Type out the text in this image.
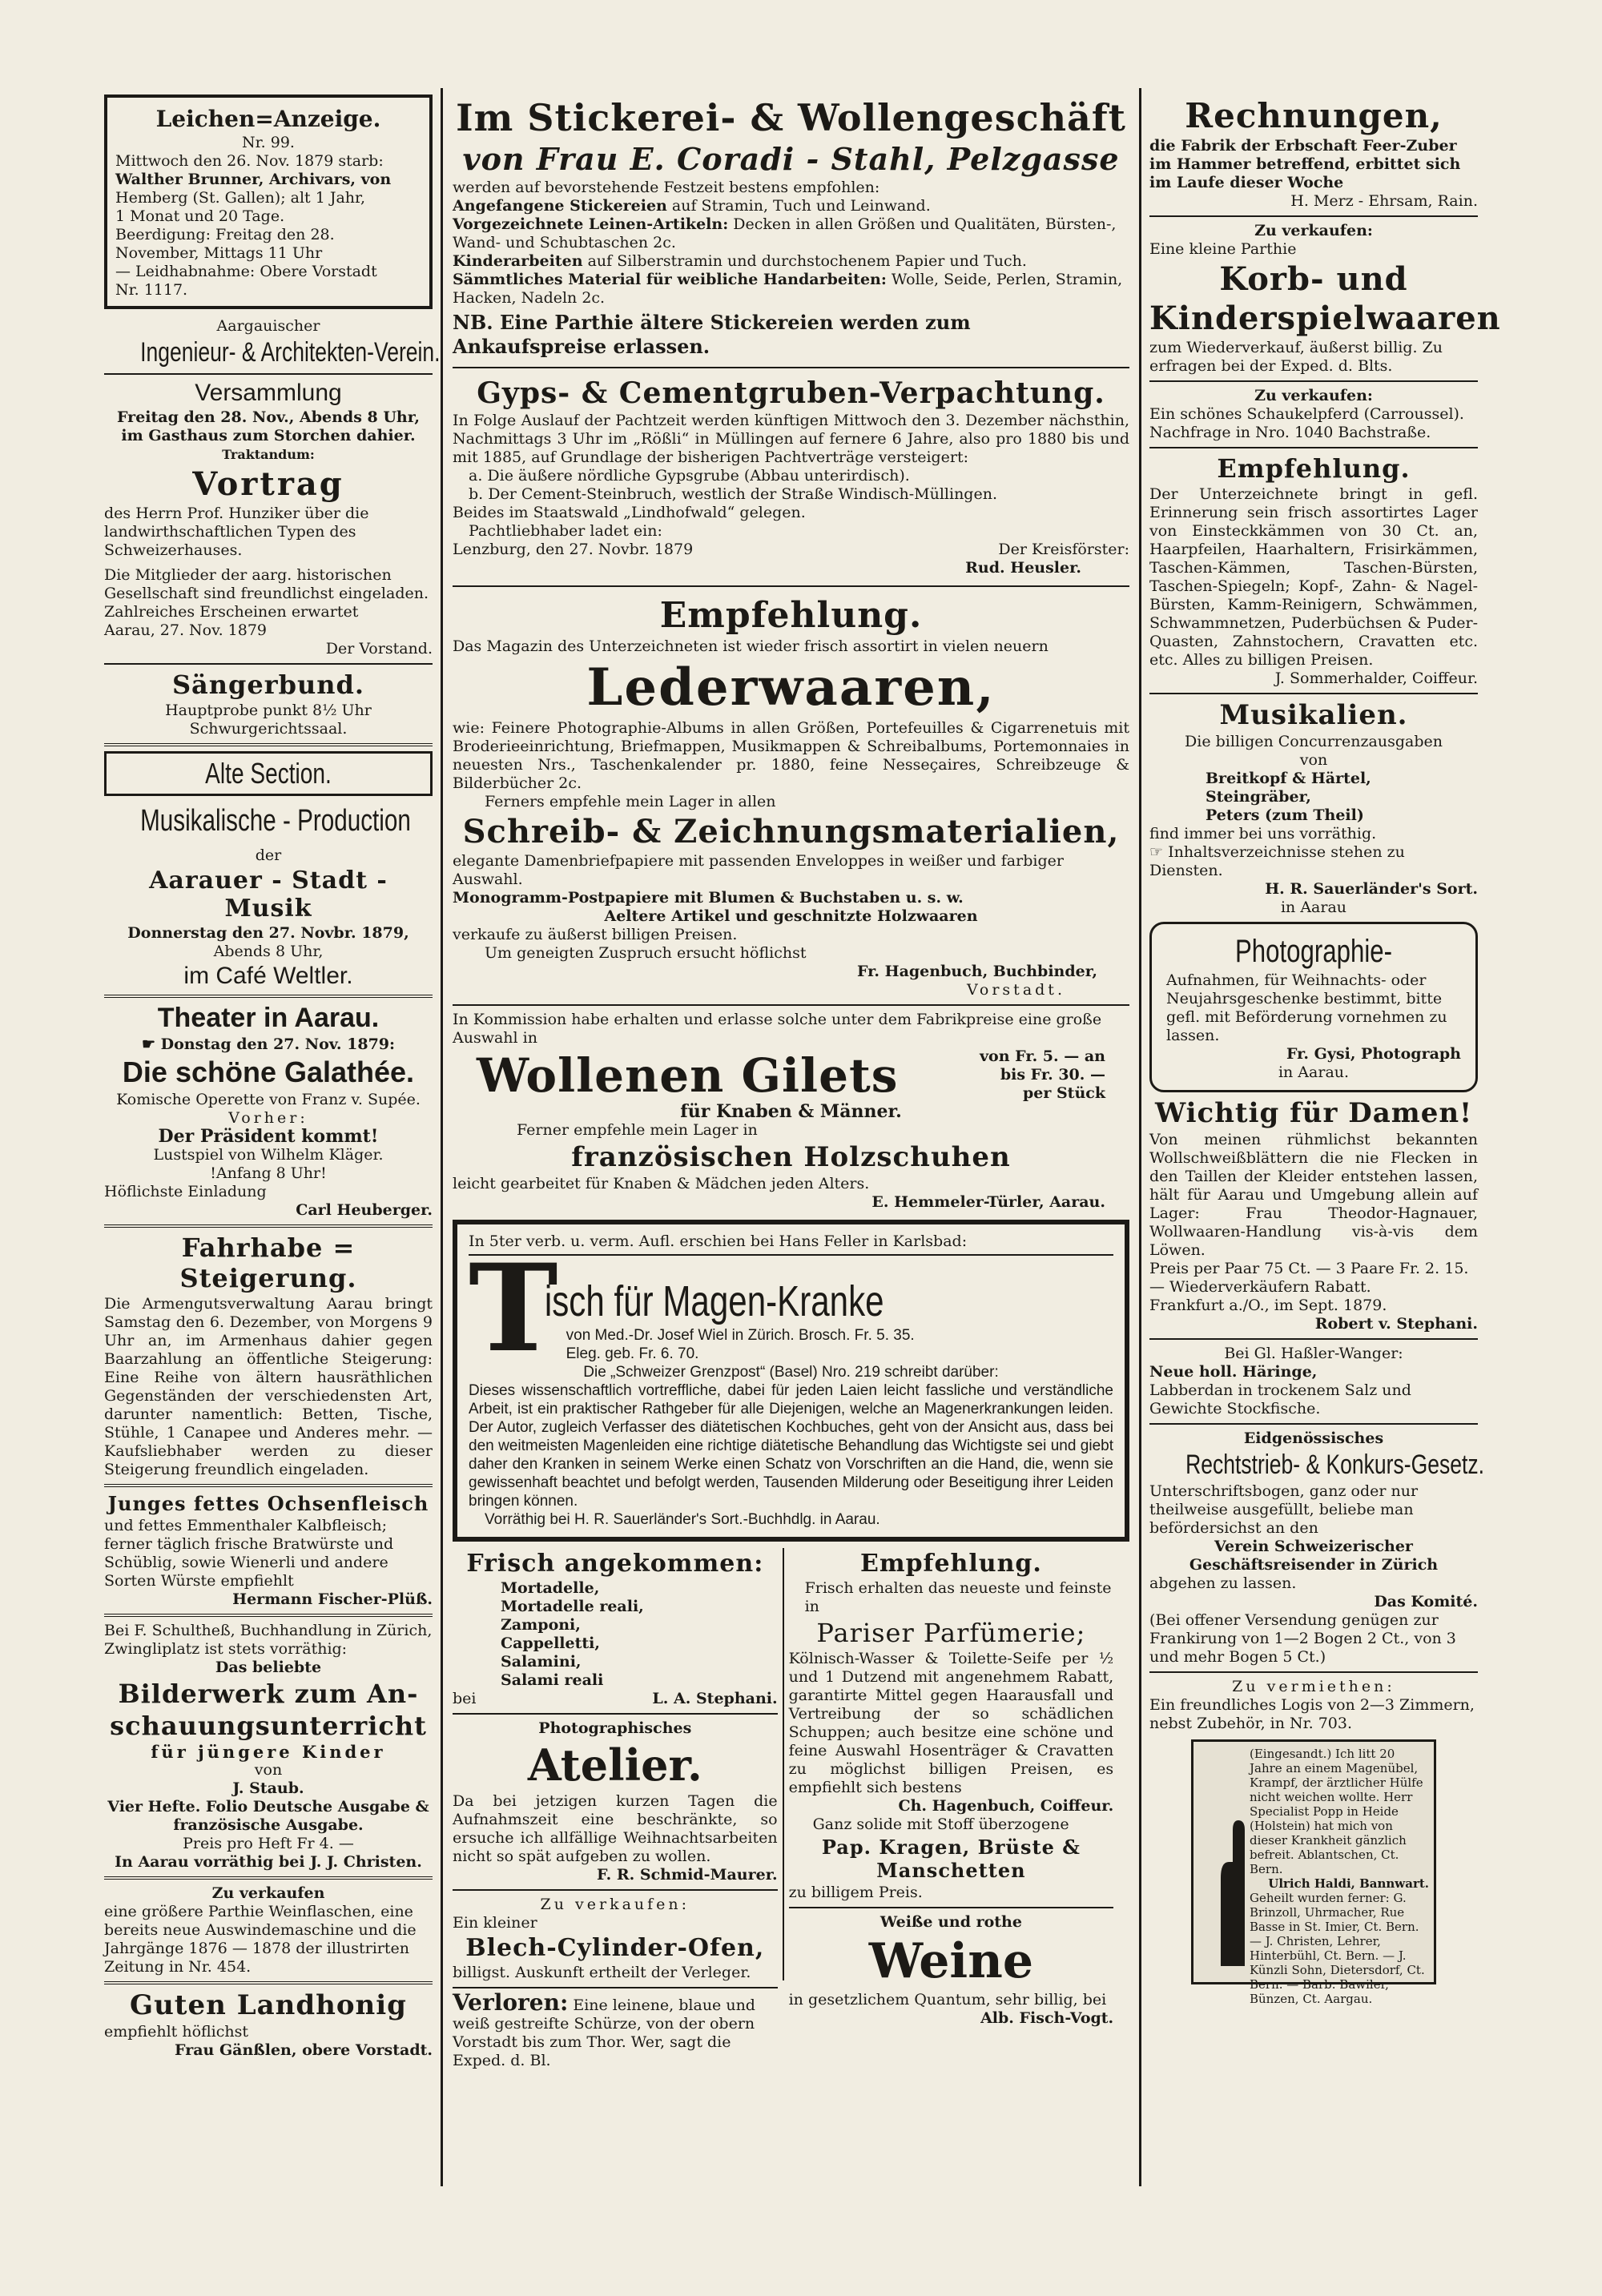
Leichen=Anzeige.
Nr. 99.
Mittwoch den 26. Nov. 1879 starb:
Walther Brunner, Archivars, von
Hemberg (St. Gallen); alt 1 Jahr,
1 Monat und 20 Tage.
Beerdigung: Freitag den 28.
November, Mittags 11 Uhr
— Leidhabnahme: Obere Vorstadt
Nr. 1117.
Aargauischer
Ingenieur- & Architekten-Verein.
Versammlung
Freitag den 28. Nov., Abends 8 Uhr,
im Gasthaus zum Storchen dahier.
Traktandum:
Vortrag
des Herrn Prof. Hunziker über die landwirthschaftlichen Typen des Schweizerhauses.
Die Mitglieder der aarg. historischen Gesellschaft sind freundlichst eingeladen.
Zahlreiches Erscheinen erwartet
Aarau, 27. Nov. 1879
Der Vorstand.
Sängerbund.
Hauptprobe punkt 8½ Uhr Schwurgerichtssaal.
Alte Section.
Musikalische - Production
der
Aarauer - Stadt - Musik
Donnerstag den 27. Novbr. 1879,
Abends 8 Uhr,
im Café Weltler.
Theater in Aarau.
☛ Donstag den 27. Nov. 1879:
Die schöne Galathée.
Komische Operette von Franz v. Supée.
Vorher:
Der Präsident kommt!
Lustspiel von Wilhelm Kläger.
!Anfang 8 Uhr!
Höflichste Einladung
Carl Heuberger.
Fahrhabe = Steigerung.
Die Armengutsverwaltung Aarau bringt Samstag den 6. Dezember, von Morgens 9 Uhr an, im Armenhaus dahier gegen Baarzahlung an öffentliche Steigerung: Eine Reihe von ältern hausräthlichen Gegenständen der verschiedensten Art, darunter namentlich: Betten, Tische, Stühle, 1 Canapee und Anderes mehr. — Kaufsliebhaber werden zu dieser Steigerung freundlich eingeladen.
Junges fettes Ochsenfleisch
und fettes Emmenthaler Kalbfleisch; ferner täglich frische Bratwürste und Schüblig, sowie Wienerli und andere Sorten Würste empfiehlt
Hermann Fischer-Plüß.
Bei F. Schultheß, Buchhandlung in Zürich, Zwingliplatz ist stets vorräthig:
Das beliebte
Bilderwerk zum An-
schauungsunterricht
für jüngere Kinder
von
J. Staub.
Vier Hefte. Folio Deutsche Ausgabe & französische Ausgabe.
Preis pro Heft Fr 4. —
In Aarau vorräthig bei J. J. Christen.
Zu verkaufen
eine größere Parthie Weinflaschen, eine bereits neue Auswindemaschine und die Jahrgänge 1876 — 1878 der illustrirten Zeitung in Nr. 454.
Guten Landhonig
empfiehlt höflichst
Frau Gänßlen, obere Vorstadt.
Im Stickerei- & Wollengeschäft
von Frau E. Coradi - Stahl, Pelzgasse
werden auf bevorstehende Festzeit bestens empfohlen:
Angefangene Stickereien auf Stramin, Tuch und Leinwand.
Vorgezeichnete Leinen-Artikeln: Decken in allen Größen und Qualitäten, Bürsten-, Wand- und Schubtaschen 2c.
Kinderarbeiten auf Silberstramin und durchstochenem Papier und Tuch.
Sämmtliches Material für weibliche Handarbeiten: Wolle, Seide, Perlen, Stramin, Hacken, Nadeln 2c.
NB. Eine Parthie ältere Stickereien werden zum Ankaufspreise erlassen.
Gyps- & Cementgruben-Verpachtung.
In Folge Auslauf der Pachtzeit werden künftigen Mittwoch den 3. Dezember nächsthin, Nachmittags 3 Uhr im „Rößli“ in Müllingen auf fernere 6 Jahre, also pro 1880 bis und mit 1885, auf Grundlage der bisherigen Pachtverträge versteigert:
a. Die äußere nördliche Gypsgrube (Abbau unterirdisch).
b. Der Cement-Steinbruch, westlich der Straße Windisch-Müllingen.
Beides im Staatswald „Lindhofwald“ gelegen.
Pachtliebhaber ladet ein:
Lenzburg, den 27. Novbr. 1879	Der Kreisförster:
Rud. Heusler.
Empfehlung.
Das Magazin des Unterzeichneten ist wieder frisch assortirt in vielen neuern
Lederwaaren,
wie: Feinere Photographie-Albums in allen Größen, Portefeuilles & Cigarrenetuis mit Broderieeinrichtung, Briefmappen, Musikmappen & Schreibalbums, Portemonnaies in neuesten Nrs., Taschenkalender pr. 1880, feine Nesseçaires, Schreibzeuge & Bilderbücher 2c.
Ferners empfehle mein Lager in allen
Schreib- & Zeichnungsmaterialien,
elegante Damenbriefpapiere mit passenden Enveloppes in weißer und farbiger Auswahl.
Monogramm-Postpapiere mit Blumen & Buchstaben u. s. w.
Aeltere Artikel und geschnitzte Holzwaaren
verkaufe zu äußerst billigen Preisen.
Um geneigten Zuspruch ersucht höflichst
Fr. Hagenbuch, Buchbinder,
Vorstadt.
In Kommission habe erhalten und erlasse solche unter dem Fabrikpreise eine große Auswahl in
Wollenen Gilets	von Fr. 5. — an
bis Fr. 30. —
per Stück
für Knaben & Männer.
Ferner empfehle mein Lager in
französischen Holzschuhen
leicht gearbeitet für Knaben & Mädchen jeden Alters.
E. Hemmeler-Türler, Aarau.
In 5ter verb. u. verm. Aufl. erschien bei Hans Feller in Karlsbad:
T
isch für Magen-Kranke
von Med.-Dr. Josef Wiel in Zürich. Brosch. Fr. 5. 35.
Eleg. geb. Fr. 6. 70.
Die „Schweizer Grenzpost“ (Basel) Nro. 219 schreibt darüber:
Dieses wissenschaftlich vortreffliche, dabei für jeden Laien leicht fassliche und verständliche Arbeit, ist ein praktischer Rathgeber für alle Diejenigen, welche an Magenerkrankungen leiden. Der Autor, zugleich Verfasser des diätetischen Kochbuches, geht von der Ansicht aus, dass bei den weitmeisten Magenleiden eine richtige diätetische Behandlung das Wichtigste sei und giebt daher den Kranken in seinem Werke einen Schatz von Vorschriften an die Hand, die, wenn sie gewissenhaft beachtet und befolgt werden, Tausenden Milderung oder Beseitigung ihrer Leiden bringen können.
Vorräthig bei H. R. Sauerländer's Sort.-Buchhdlg. in Aarau.
Frisch angekommen:
Mortadelle,
Mortadelle reali,
Zamponi,
Cappelletti,
Salamini,
Salami reali
bei	L. A. Stephani.
Photographisches
Atelier.
Da bei jetzigen kurzen Tagen die Aufnahmszeit eine beschränkte, so ersuche ich allfällige Weihnachtsarbeiten nicht so spät aufgeben zu wollen.
F. R. Schmid-Maurer.
Zu verkaufen:
Ein kleiner
Blech-Cylinder-Ofen,
billigst. Auskunft ertheilt der Verleger.
Verloren: Eine leinene, blaue und weiß gestreifte Schürze, von der obern Vorstadt bis zum Thor. Wer, sagt die Exped. d. Bl.
Empfehlung.
Frisch erhalten das neueste und feinste in
Pariser Parfümerie;
Kölnisch-Wasser & Toilette-Seife per ½ und 1 Dutzend mit angenehmem Rabatt, garantirte Mittel gegen Haarausfall und Vertreibung der so schädlichen Schuppen; auch besitze eine schöne und feine Auswahl Hosenträger & Cravatten zu möglichst billigen Preisen, es empfiehlt sich bestens
Ch. Hagenbuch, Coiffeur.
Ganz solide mit Stoff überzogene
Pap. Kragen, Brüste & Manschetten
zu billigem Preis.
Weiße und rothe
Weine
in gesetzlichem Quantum, sehr billig, bei
Alb. Fisch-Vogt.
Rechnungen,
die Fabrik der Erbschaft Feer-Zuber im Hammer betreffend, erbittet sich im Laufe dieser Woche
H. Merz - Ehrsam, Rain.
Zu verkaufen:
Eine kleine Parthie
Korb- und
Kinderspielwaaren
zum Wiederverkauf, äußerst billig. Zu erfragen bei der Exped. d. Blts.
Zu verkaufen:
Ein schönes Schaukelpferd (Carroussel). Nachfrage in Nro. 1040 Bachstraße.
Empfehlung.
Der Unterzeichnete bringt in gefl. Erinnerung sein frisch assortirtes Lager von Einsteckkämmen von 30 Ct. an, Haarpfeilen, Haarhaltern, Frisirkämmen, Taschen-Kämmen, Taschen-Bürsten, Taschen-Spiegeln; Kopf-, Zahn- & Nagel-Bürsten, Kamm-Reinigern, Schwämmen, Schwammnetzen, Puderbüchsen & Puder-Quasten, Zahnstochern, Cravatten etc. etc. Alles zu billigen Preisen.
J. Sommerhalder, Coiffeur.
Musikalien.
Die billigen Concurrenzausgaben
von
Breitkopf & Härtel,
Steingräber,
Peters (zum Theil)
find immer bei uns vorräthig.
☞ Inhaltsverzeichnisse stehen zu Diensten.
H. R. Sauerländer's Sort.
in Aarau
Photographie-
Aufnahmen, für Weihnachts- oder Neujahrsgeschenke bestimmt, bitte gefl. mit Beförderung vornehmen zu lassen.
Fr. Gysi, Photograph
in Aarau.
Wichtig für Damen!
Von meinen rühmlichst bekannten Wollschweißblättern die nie Flecken in den Taillen der Kleider entstehen lassen, hält für Aarau und Umgebung allein auf Lager: Frau Theodor-Hagnauer, Wollwaaren-Handlung vis-à-vis dem Löwen.
Preis per Paar 75 Ct. — 3 Paare Fr. 2. 15. — Wiederverkäufern Rabatt.
Frankfurt a./O., im Sept. 1879.
Robert v. Stephani.
Bei Gl. Haßler-Wanger:
Neue holl. Häringe,
Labberdan in trockenem Salz und
Gewichte Stockfische.
Eidgenössisches
Rechtstrieb- & Konkurs-Gesetz.
Unterschriftsbogen, ganz oder nur theilweise ausgefüllt, beliebe man befördersichst an den
Verein Schweizerischer Geschäftsreisender in Zürich
abgehen zu lassen.
Das Komité.
(Bei offener Versendung genügen zur Frankirung von 1—2 Bogen 2 Ct., von 3 und mehr Bogen 5 Ct.)
Zu vermiethen:
Ein freundliches Logis von 2—3 Zimmern, nebst Zubehör, in Nr. 703.
(Eingesandt.) Ich litt 20 Jahre an einem Magenübel, Krampf, der ärztlicher Hülfe nicht weichen wollte. Herr Specialist Popp in Heide (Holstein) hat mich von dieser Krankheit gänzlich befreit. Ablantschen, Ct. Bern.
Ulrich Haldi, Bannwart.
Geheilt wurden ferner: G. Brinzoll, Uhrmacher, Rue Basse in St. Imier, Ct. Bern. — J. Christen, Lehrer, Hinterbühl, Ct. Bern. — J. Künzli Sohn, Dietersdorf, Ct. Bern. — Barb. Bawiler, Bünzen, Ct. Aargau.
